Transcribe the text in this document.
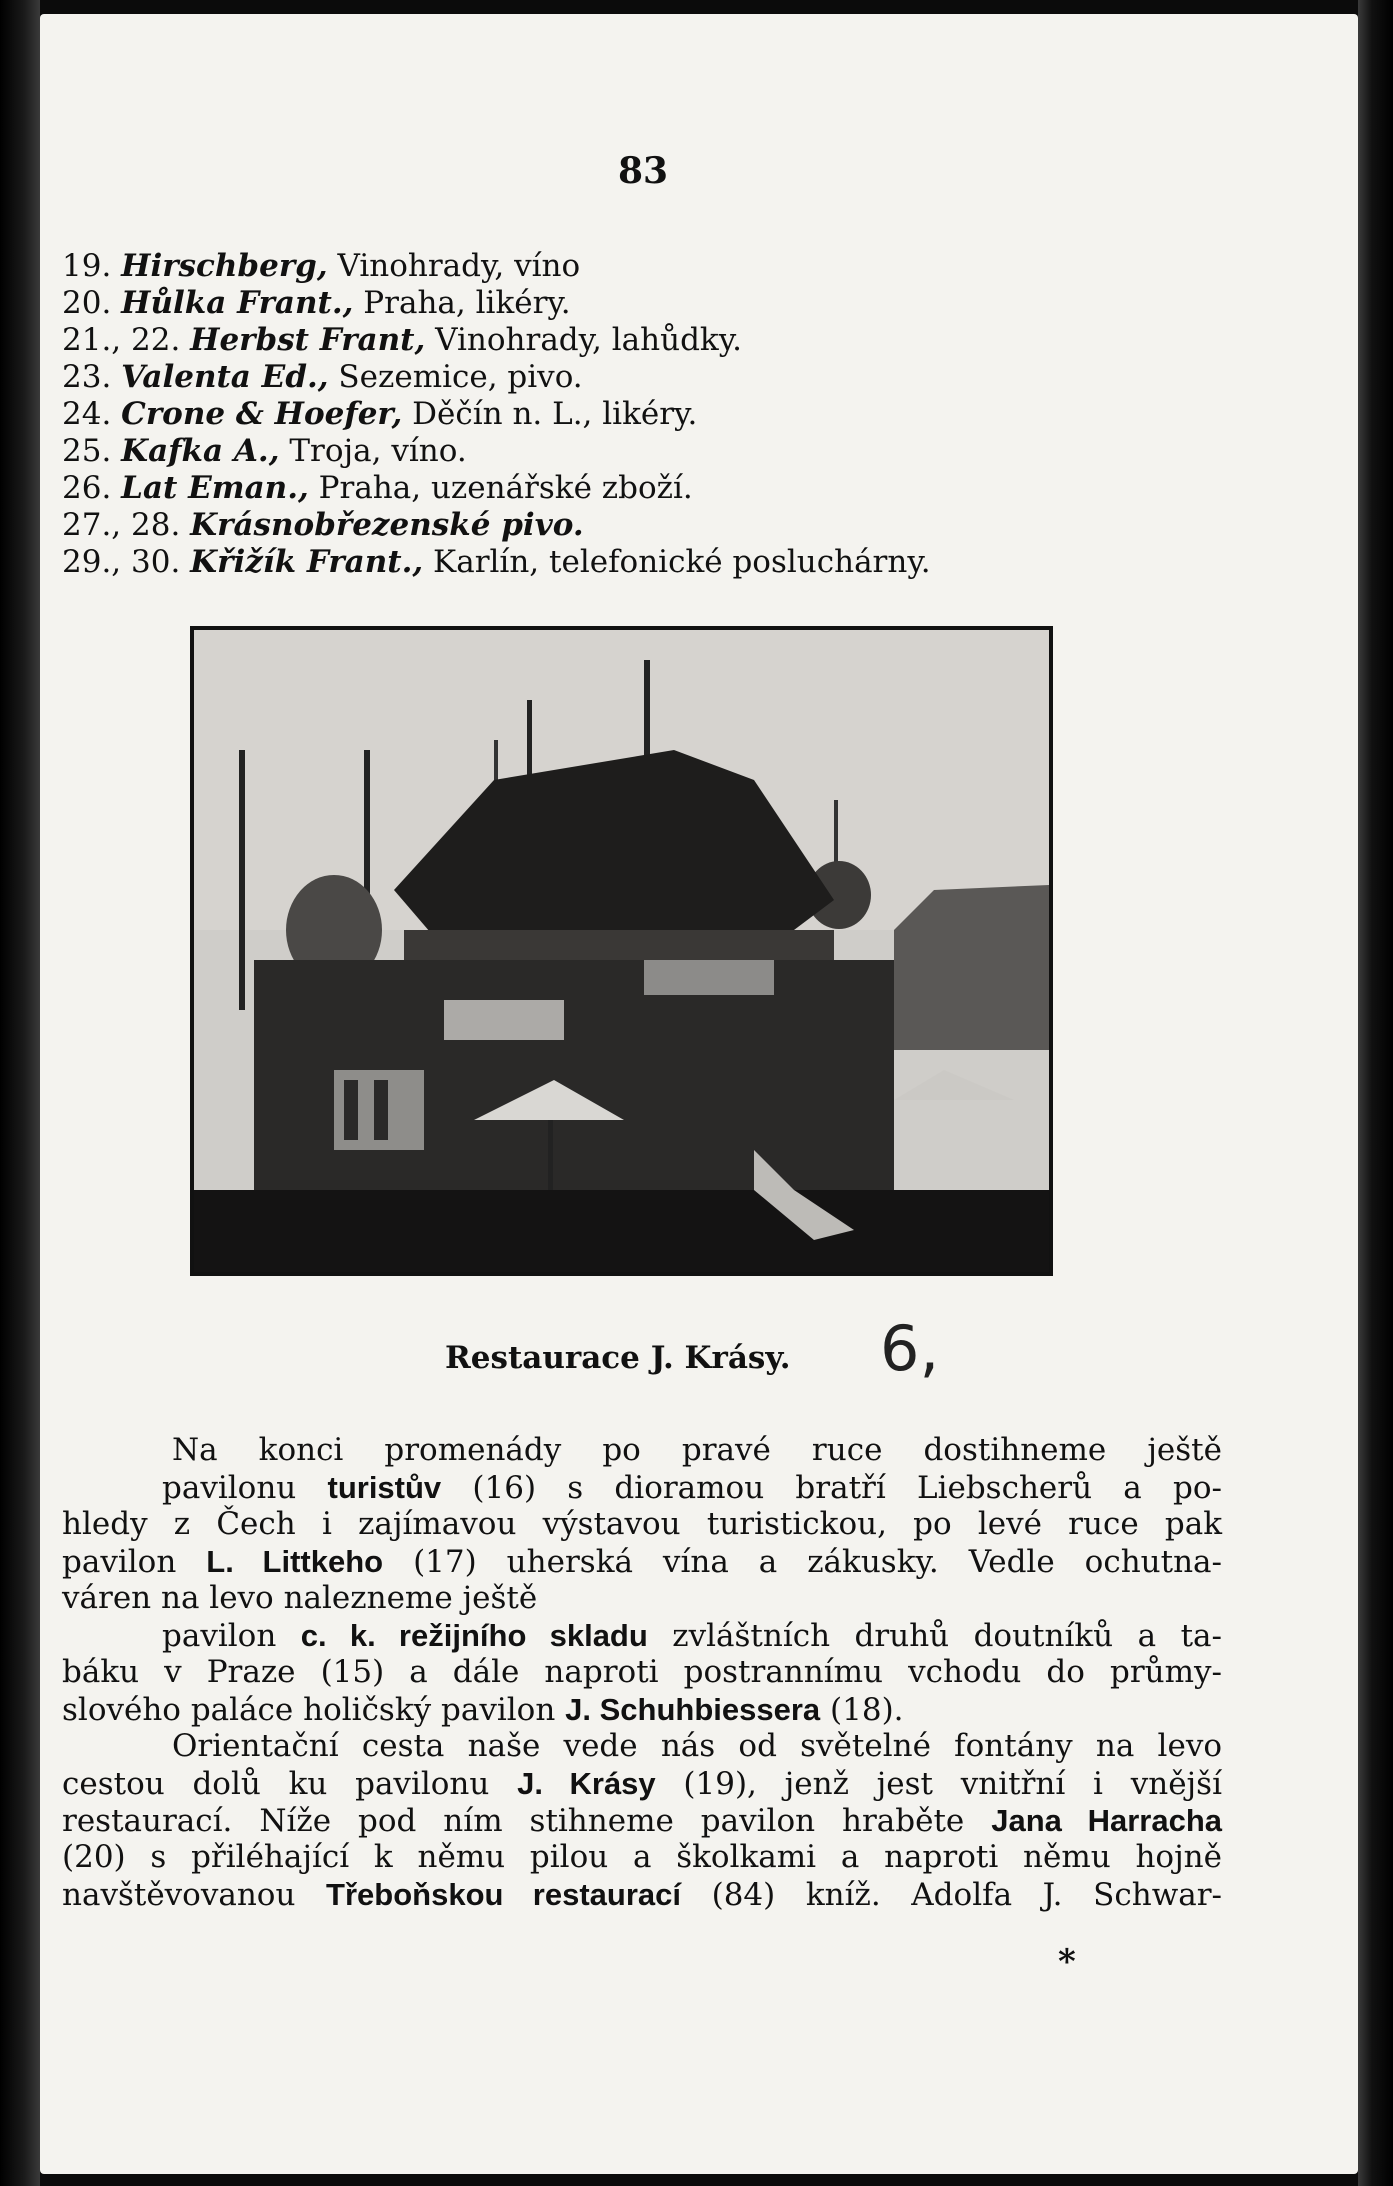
83
19. Hirschberg, Vinohrady, víno
20. Hůlka Frant., Praha, likéry.
21., 22. Herbst Frant, Vinohrady, lahůdky.
23. Valenta Ed., Sezemice, pivo.
24. Crone & Hoefer, Děčín n. L., likéry.
25. Kafka A., Troja, víno.
26. Lat Eman., Praha, uzenářské zboží.
27., 28. Krásnobřezenské pivo.
29., 30. Křižík Frant., Karlín, telefonické posluchárny.
Restaurace J. Krásy. 6,
Na konci promenády po pravé ruce dostihneme ještě
pavilonu turistův (16) s dioramou bratří Liebscherů a po-
hledy z Čech i zajímavou výstavou turistickou, po levé ruce pak
pavilon L. Littkeho (17) uherská vína a zákusky. Vedle ochutna-
váren na levo nalezneme ještě
pavilon c. k. režijního skladu zvláštních druhů doutníků a ta-
báku v Praze (15) a dále naproti postrannímu vchodu do průmy-
slového paláce holičský pavilon J. Schuhbiessera (18).
Orientační cesta naše vede nás od světelné fontány na levo
cestou dolů ku pavilonu J. Krásy (19), jenž jest vnitřní i vnější
restaurací. Níže pod ním stihneme pavilon hraběte Jana Harracha
(20) s přiléhající k němu pilou a školkami a naproti němu hojně
navštěvovanou Třeboňskou restaurací (84) kníž. Adolfa J. Schwar-
*
